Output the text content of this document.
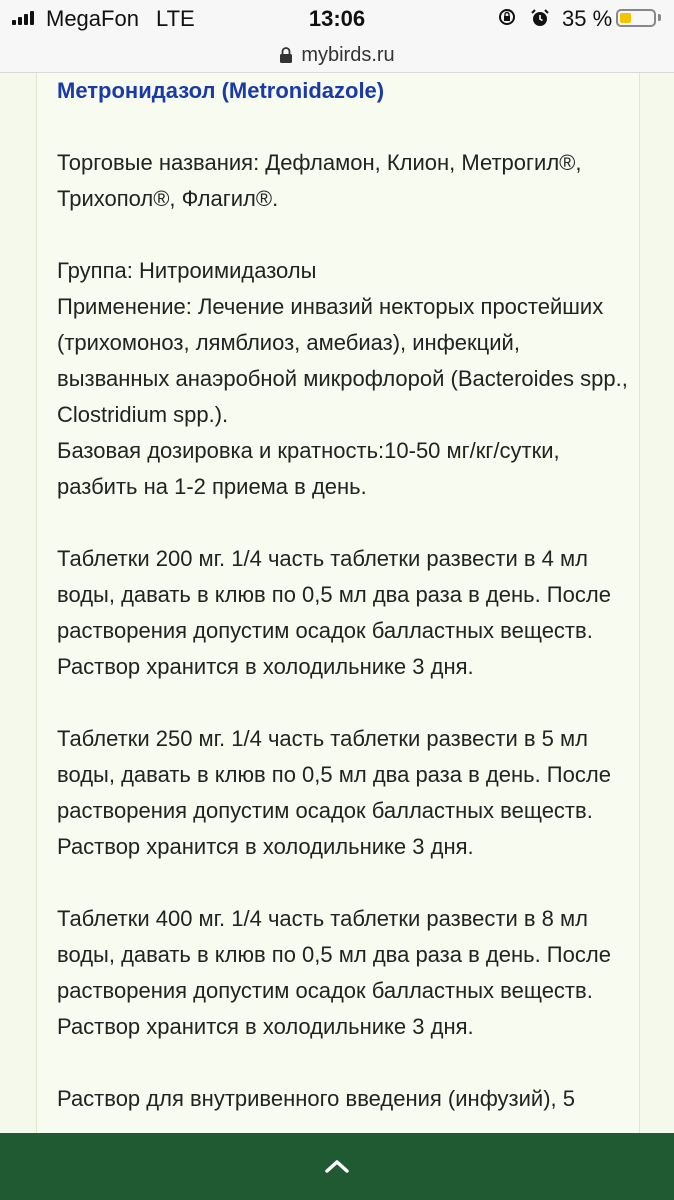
MegaFon LTE	13:06	35 %
mybirds.ru

Метронидазол (Metronidazole)

Торговые названия: Дефламон, Клион, Метрогил®, Трихопол®, Флагил®.

Группа: Нитроимидазолы

Применение: Лечение инвазий некторых простейших (трихомоноз, лямблиоз, амебиаз), инфекций, вызванных анаэробной микрофлорой (Bacteroides spp., Clostridium spp.).

Базовая дозировка и кратность:10-50 мг/кг/сутки, разбить на 1-2 приема в день.

Таблетки 200 мг. 1/4 часть таблетки развести в 4 мл воды, давать в клюв по 0,5 мл два раза в день. После растворения допустим осадок балластных веществ. Раствор хранится в холодильнике 3 дня.

Таблетки 250 мг. 1/4 часть таблетки развести в 5 мл воды, давать в клюв по 0,5 мл два раза в день. После растворения допустим осадок балластных веществ. Раствор хранится в холодильнике 3 дня.

Таблетки 400 мг. 1/4 часть таблетки развести в 8 мл воды, давать в клюв по 0,5 мл два раза в день. После растворения допустим осадок балластных веществ. Раствор хранится в холодильнике 3 дня.

Раствор для внутривенного введения (инфузий), 5
